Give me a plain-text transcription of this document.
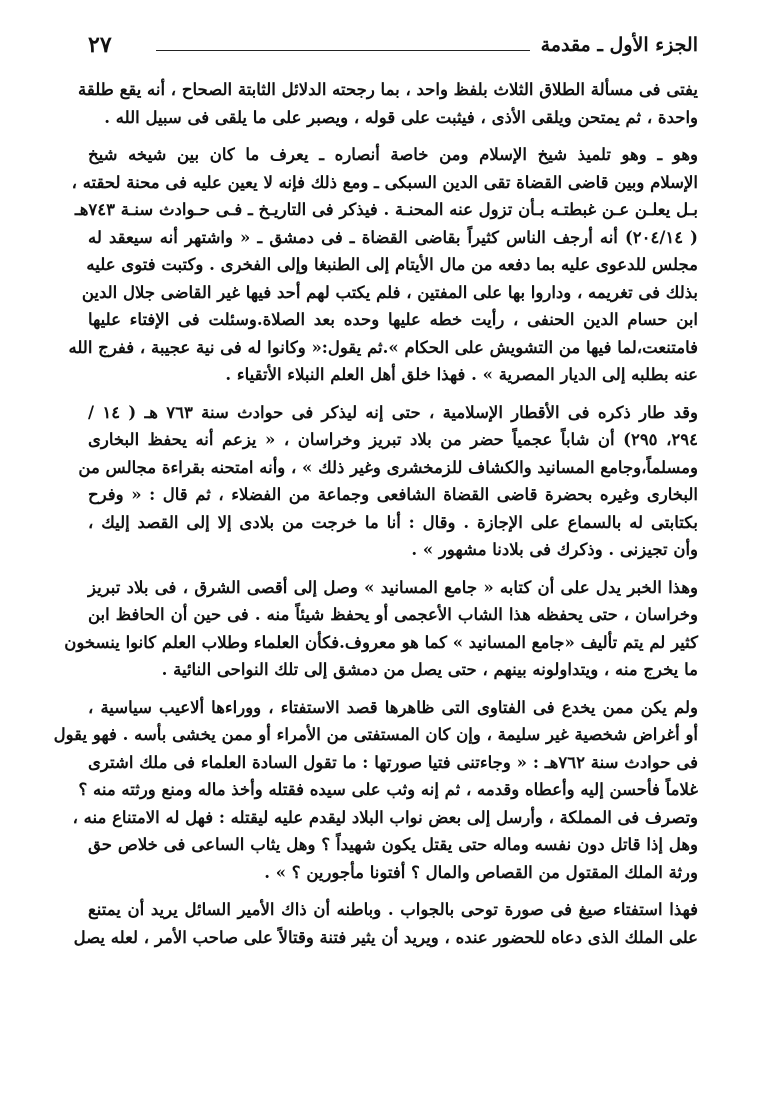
الجزء الأول ـ مقدمة
٢٧
يفتى فى مسألة الطلاق الثلاث بلفظ واحد ، بما رجحته الدلائل الثابتة الصحاح ، أنه يقع طلقة
واحدة ، ثم يمتحن ويلقى الأذى ، فيثبت على قوله ، ويصبر على ما يلقى فى سبيل الله .
وهو ـ وهو تلميذ شيخ الإسلام ومن خاصة أنصاره ـ يعرف ما كان بين شيخه شيخ
الإسلام وبين قاضى القضاة تقى الدين السبكى ـ ومع ذلك فإنه لا يعين عليه فى محنة لحقته ،
بـل يعلـن عـن غبطتـه بـأن تزول عنه المحنـة . فيذكر فى التاريـخ ـ فـى حـوادث سنـة ٧٤٣هـ
( ٢٠٤/١٤) أنه أرجف الناس كثيراً بقاضى القضاة ـ فى دمشق ـ « واشتهر أنه سيعقد له
مجلس للدعوى عليه بما دفعه من مال الأيتام إلى الطنبغا وإلى الفخرى . وكتبت فتوى عليه
بذلك فى تغريمه ، وداروا بها على المفتين ، فلم يكتب لهم أحد فيها غير القاضى جلال الدين
ابن حسام الدين الحنفى ، رأيت خطه عليها وحده بعد الصلاة.وسئلت فى الإفتاء عليها
فامتنعت،لما فيها من التشويش على الحكام ».ثم يقول:« وكانوا له فى نية عجيبة ، ففرج الله
عنه بطلبه إلى الديار المصرية » . فهذا خلق أهل العلم النبلاء الأتقياء .
وقد طار ذكره فى الأقطار الإسلامية ، حتى إنه ليذكر فى حوادث سنة ٧٦٣ هـ ( ١٤ /
٢٩٤، ٢٩٥) أن شاباً عجمياً حضر من بلاد تبريز وخراسان ، « يزعم أنه يحفظ البخارى
ومسلماً،وجامع المسانيد والكشاف للزمخشرى وغير ذلك » ، وأنه امتحنه بقراءة مجالس من
البخارى وغيره بحضرة قاضى القضاة الشافعى وجماعة من الفضلاء ، ثم قال : « وفرح
بكتابتى له بالسماع على الإجازة . وقال : أنا ما خرجت من بلادى إلا إلى القصد إليك ،
وأن تجيزنى . وذكرك فى بلادنا مشهور » .
وهذا الخبر يدل على أن كتابه « جامع المسانيد » وصل إلى أقصى الشرق ، فى بلاد تبريز
وخراسان ، حتى يحفظه هذا الشاب الأعجمى أو يحفظ شيئاً منه . فى حين أن الحافظ ابن
كثير لم يتم تأليف «جامع المسانيد » كما هو معروف.فكأن العلماء وطلاب العلم كانوا ينسخون
ما يخرج منه ، ويتداولونه بينهم ، حتى يصل من دمشق إلى تلك النواحى النائية .
ولم يكن ممن يخدع فى الفتاوى التى ظاهرها قصد الاستفتاء ، ووراءها ألاعيب سياسية ،
أو أغراض شخصية غير سليمة ، وإن كان المستفتى من الأمراء أو ممن يخشى بأسه . فهو يقول
فى حوادث سنة ٧٦٢هـ : « وجاءتنى فتيا صورتها : ما تقول السادة العلماء فى ملك اشترى
غلاماً فأحسن إليه وأعطاه وقدمه ، ثم إنه وثب على سيده فقتله وأخذ ماله ومنع ورثته منه ؟
وتصرف فى المملكة ، وأرسل إلى بعض نواب البلاد ليقدم عليه ليقتله : فهل له الامتناع منه ،
وهل إذا قاتل دون نفسه وماله حتى يقتل يكون شهيداً ؟ وهل يثاب الساعى فى خلاص حق
ورثة الملك المقتول من القصاص والمال ؟ أفتونا مأجورين ؟ » .
فهذا استفتاء صيغ فى صورة توحى بالجواب . وباطنه أن ذاك الأمير السائل يريد أن يمتنع
على الملك الذى دعاه للحضور عنده ، ويريد أن يثير فتنة وقتالاً على صاحب الأمر ، لعله يصل
